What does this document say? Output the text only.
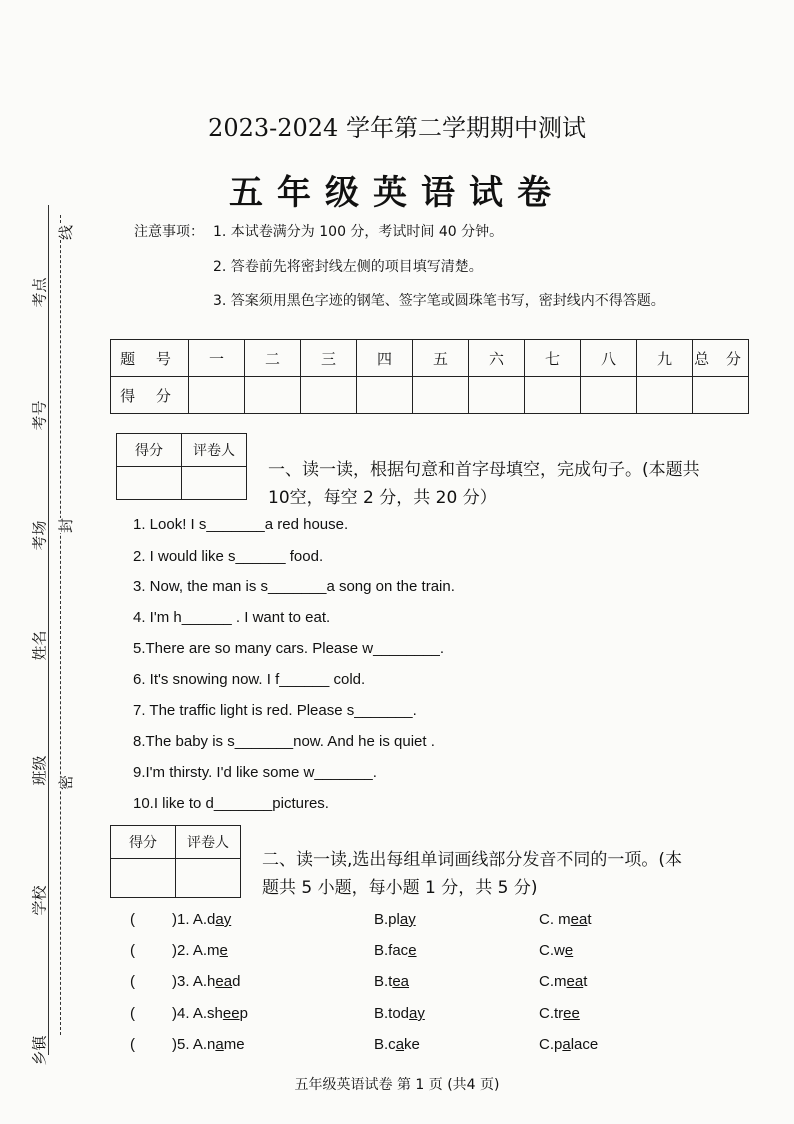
考点
考号
考场
姓名
班级
学校
乡镇
线
封
密
2023-2024 学年第二学期期中测试
五年级英语试卷
注意事项： 1. 本试卷满分为 100 分，考试时间 40 分钟。
2. 答卷前先将密封线左侧的项目填写清楚。
3. 答案须用黑色字迹的钢笔、签字笔或圆珠笔书写，密封线内不得答题。
题 号	一	二	三	四	五	六	七	八	九	总 分
得 分										
得分	评卷人

一、读一读，根据句意和首字母填空，完成句子。(本题共
10空，每空 2 分，共 20 分）
1. Look! I s_______a red house.
2. I would like s______ food.
3. Now, the man is s_______a song on the train.
4. I'm h______ . I want to eat.
5.There are so many cars. Please w________.
6. It's snowing now. I f______ cold.
7. The traffic light is red. Please s_______.
8.The baby is s_______now. And he is quiet .
9.I'm thirsty. I'd like some w_______.
10.I like to d_______pictures.
得分	评卷人

二、读一读,选出每组单词画线部分发音不同的一项。(本
题共 5 小题，每小题 1 分，共 5 分)
( )1. A.day	B.play	C. meat
( )2. A.me	B.face	C.we
( )3. A.head	B.tea	C.meat
( )4. A.sheep	B.today	C.tree
( )5. A.name	B.cake	C.palace
五年级英语试卷 第 1 页 (共4 页)
